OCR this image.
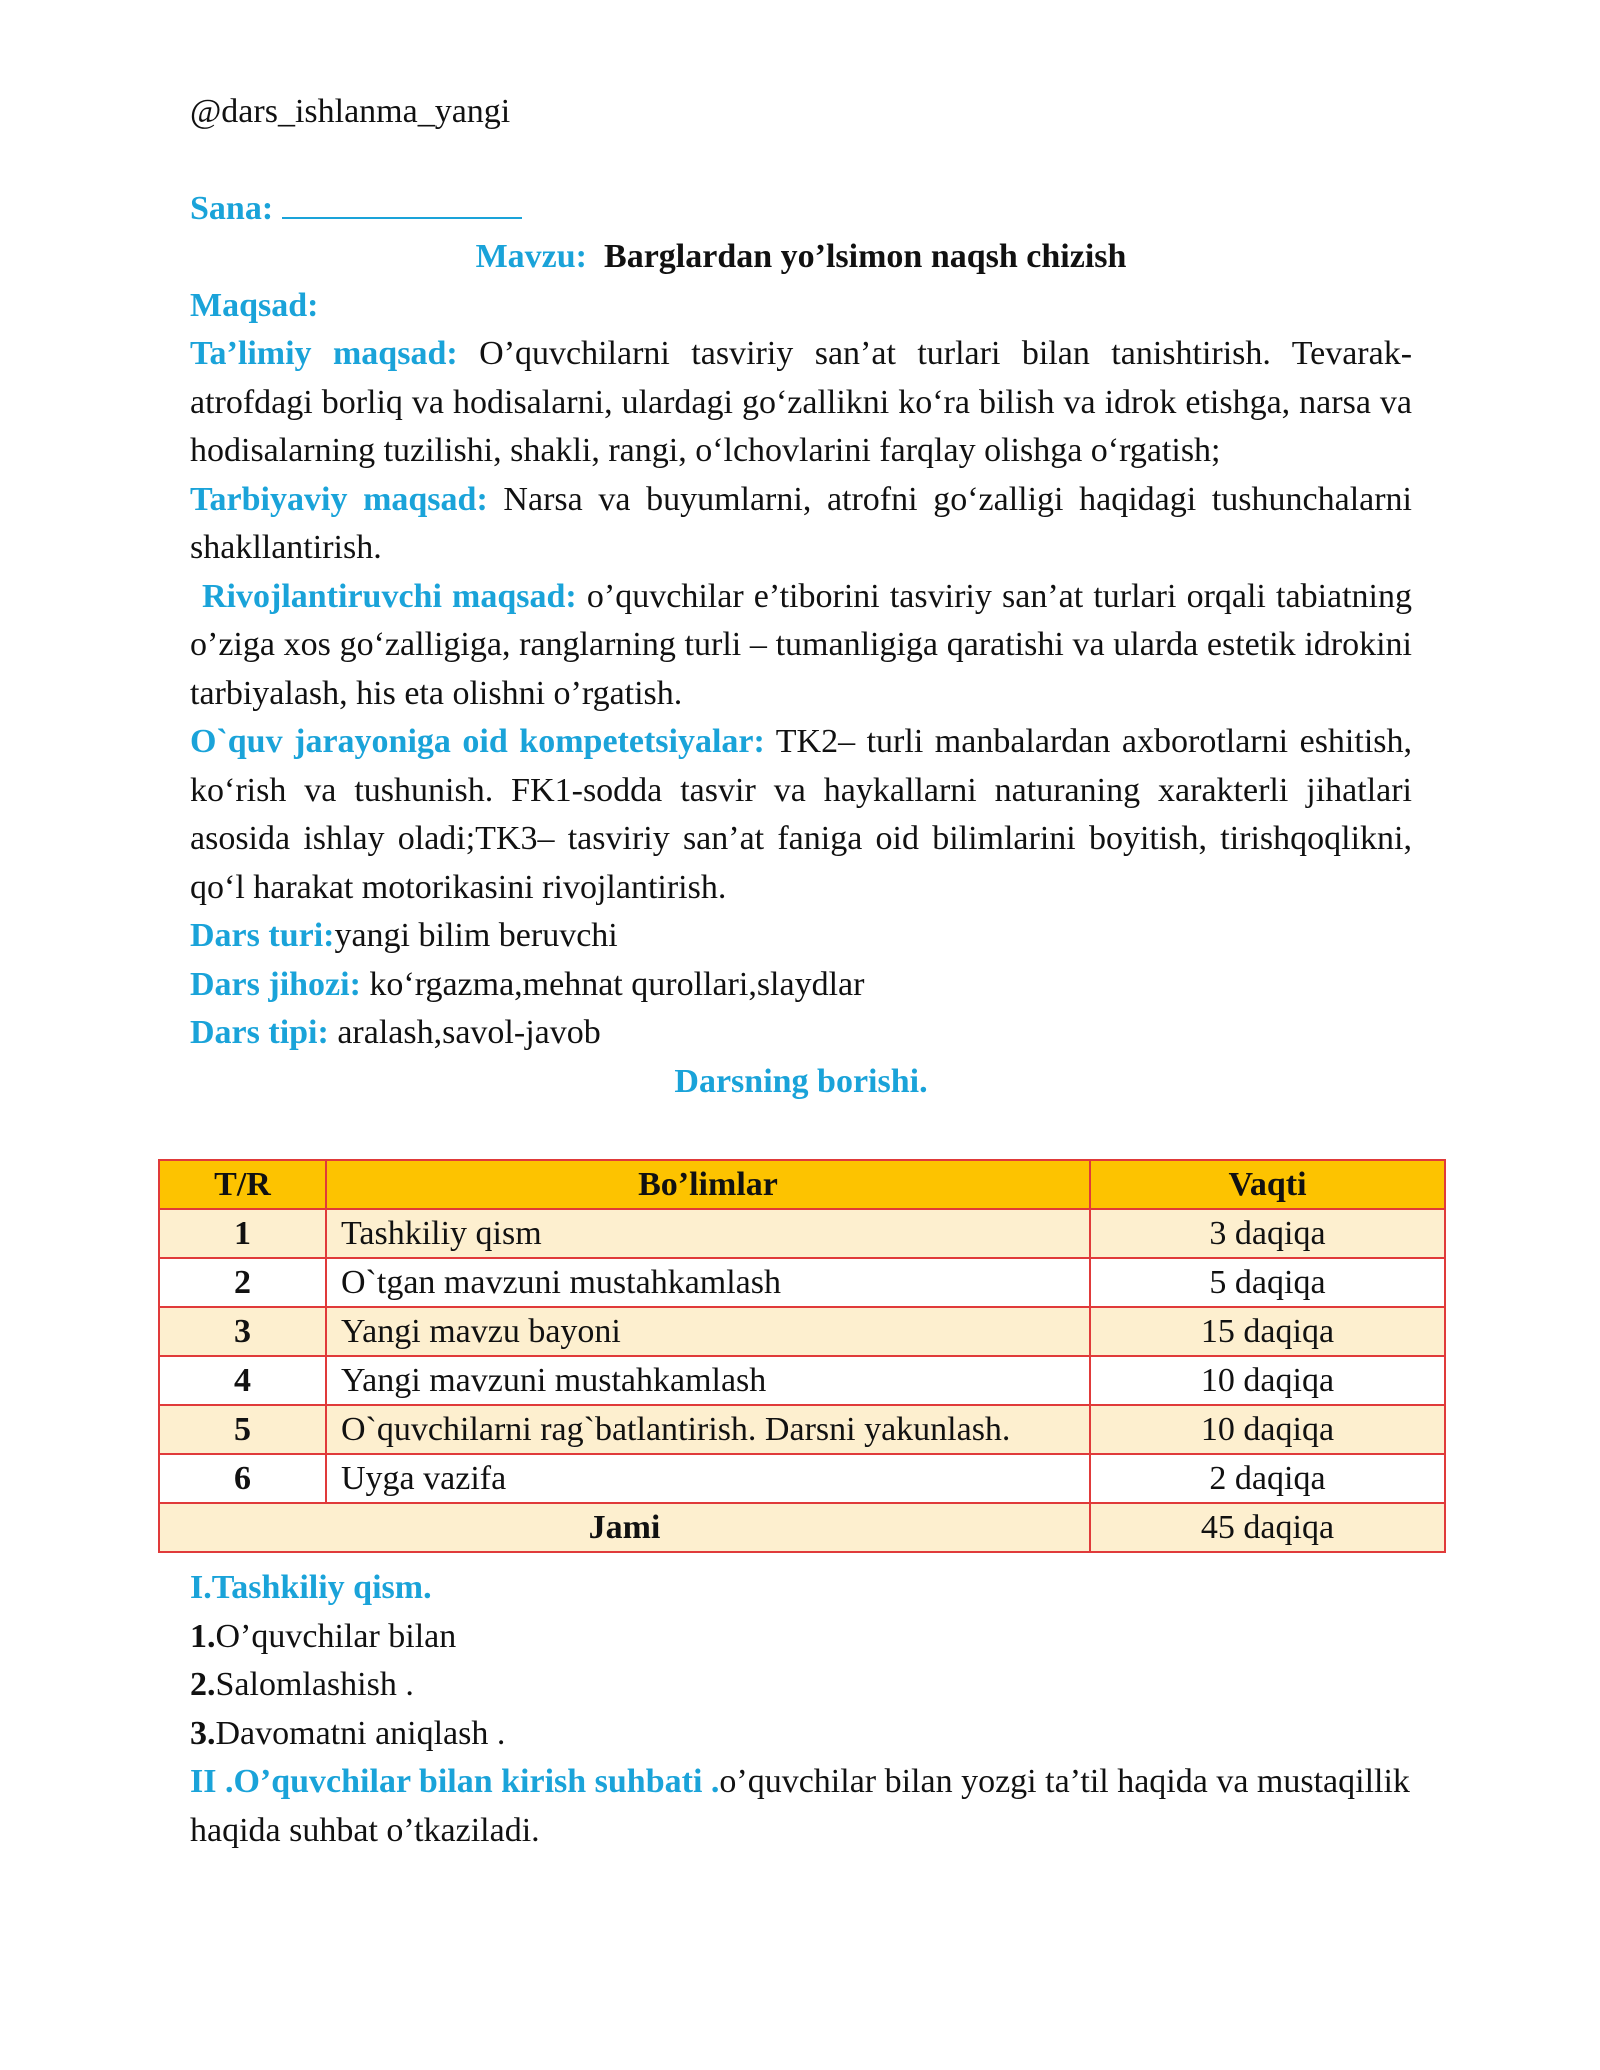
@dars_ishlanma_yangi

Sana:

Mavzu: Barglardan yo’lsimon naqsh chizish

Maqsad:

Ta’limiy maqsad: O’quvchilarni tasviriy san’at turlari bilan tanishtirish. Tevarak-atrofdagi borliq va hodisalarni, ulardagi go‘zallikni ko‘ra bilish va idrok etishga, narsa va hodisalarning tuzilishi, shakli, rangi, o‘lchovlarini farqlay olishga o‘rgatish;

Tarbiyaviy maqsad: Narsa va buyumlarni, atrofni go‘zalligi haqidagi tushunchalarni shakllantirish.

Rivojlantiruvchi maqsad: o’quvchilar e’tiborini tasviriy san’at turlari orqali tabiatning o’ziga xos go‘zalligiga, ranglarning turli – tumanligiga qaratishi va ularda estetik idrokini tarbiyalash, his eta olishni o’rgatish.

O`quv jarayoniga oid kompetetsiyalar: TK2– turli manbalardan axborotlarni eshitish, ko‘rish va tushunish. FK1-sodda tasvir va haykallarni naturaning xarakterli jihatlari asosida ishlay oladi;TK3– tasviriy san’at faniga oid bilimlarini boyitish, tirishqoqlikni, qo‘l harakat motorikasini rivojlantirish.

Dars turi:yangi bilim beruvchi

Dars jihozi: ko‘rgazma,mehnat qurollari,slaydlar

Dars tipi: aralash,savol-javob

Darsning borishi.

T/R	Bo’limlar	Vaqti
1	Tashkiliy qism	3 daqiqa
2	O`tgan mavzuni mustahkamlash	5 daqiqa
3	Yangi mavzu bayoni	15 daqiqa
4	Yangi mavzuni mustahkamlash	10 daqiqa
5	O`quvchilarni rag`batlantirish. Darsni yakunlash.	10 daqiqa
6	Uyga vazifa	2 daqiqa
Jami		45 daqiqa

I.Tashkiliy qism.

1.O’quvchilar bilan

2.Salomlashish .

3.Davomatni aniqlash .

II .O’quvchilar bilan kirish suhbati .o’quvchilar bilan yozgi ta’til haqida va mustaqillik haqida suhbat o’tkaziladi.
